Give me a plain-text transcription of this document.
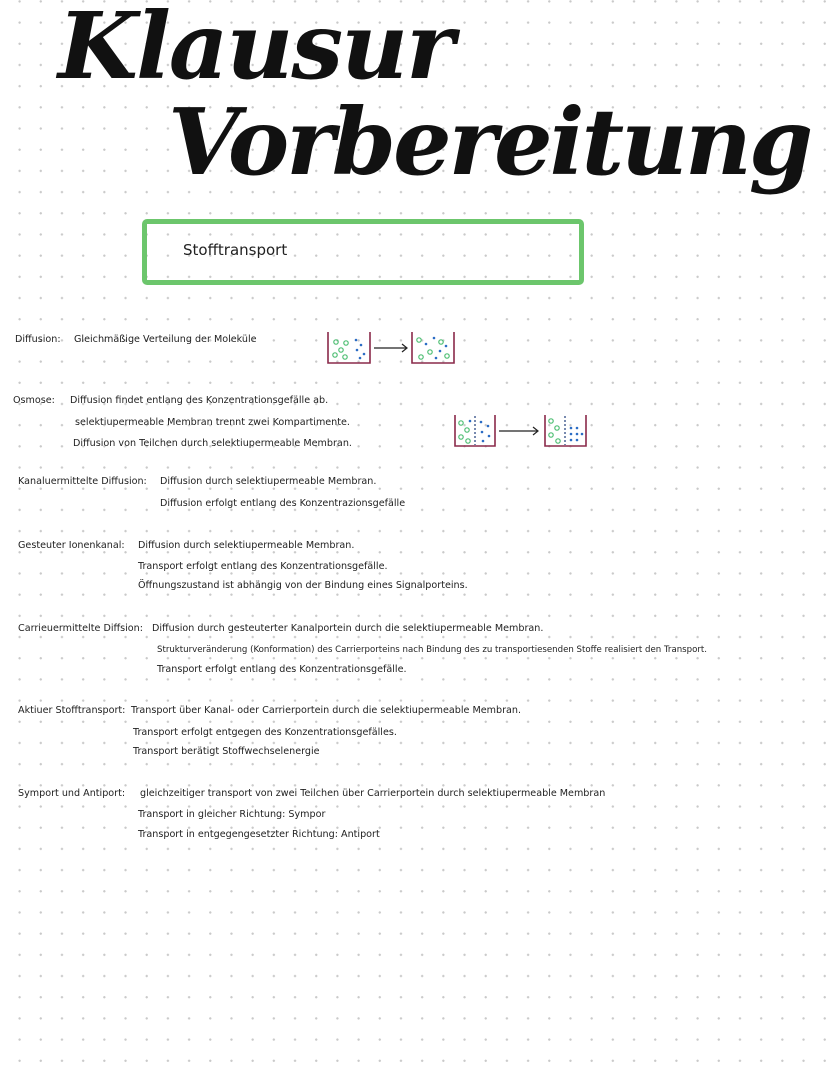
Klausur
Vorbereitung
Stofftransport
Diffusion: Gleichmäßige Verteilung der Moleküle
Osmose: Diffusion findet entlang des Konzentrationsgefälle ab.
selektiupermeable Membran trennt zwei Kompartimente.
Diffusion von Teilchen durch selektiupermeable Membran.
Kanaluermittelte Diffusion: Diffusion durch selektiupermeable Membran.
Diffusion erfolgt entlang des Konzentrazionsgefälle
Gesteuter Ionenkanal: Diffusion durch selektiupermeable Membran.
Transport erfolgt entlang des Konzentrationsgefälle.
Öffnungszustand ist abhängig von der Bindung eines Signalporteins.
Carrieuermittelte Diffsion: Diffusion durch gesteuterter Kanalportein durch die selektiupermeable Membran.
Strukturveränderung (Konformation) des Carrierporteins nach Bindung des zu transportiesenden Stoffe realisiert den Transport.
Transport erfolgt entlang des Konzentrationsgefälle.
Aktiuer Stofftransport: Transport über Kanal- oder Carrierportein durch die selektiupermeable Membran.
Transport erfolgt entgegen des Konzentrationsgefälles.
Transport berätigt Stoffwechselenergie
Symport und Antiport: gleichzeitiger transport von zwei Teilchen über Carrierportein durch selektiupermeable Membran
Transport in gleicher Richtung: Sympor
Transport in entgegengesetzter Richtung: Antiport
